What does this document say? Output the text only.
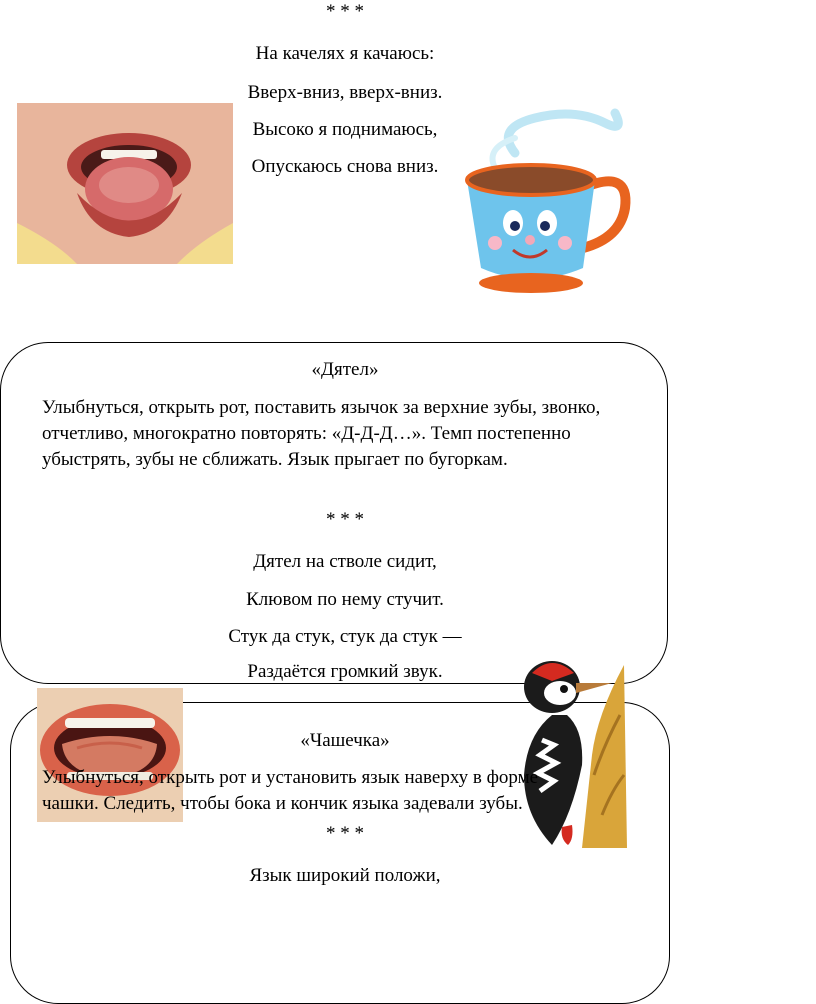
* * *
На качелях я качаюсь:
Вверх-вниз, вверх-вниз.
Высоко я поднимаюсь,
Опускаюсь снова вниз.
«Дятел»
Улыбнуться, открыть рот, поставить язычок за верхние зубы, звонко, отчетливо, многократно повторять: «Д-Д-Д…». Темп постепенно убыстрять, зубы не сближать. Язык прыгает по бугоркам.
* * *
Дятел на стволе сидит,
Клювом по нему стучит.
Стук да стук, стук да стук —
Раздаётся громкий звук.
«Чашечка»
Улыбнуться, открыть рот и установить язык наверху в форме
чашки. Следить, чтобы бока и кончик языка задевали зубы.
* * *
Язык широкий положи,
